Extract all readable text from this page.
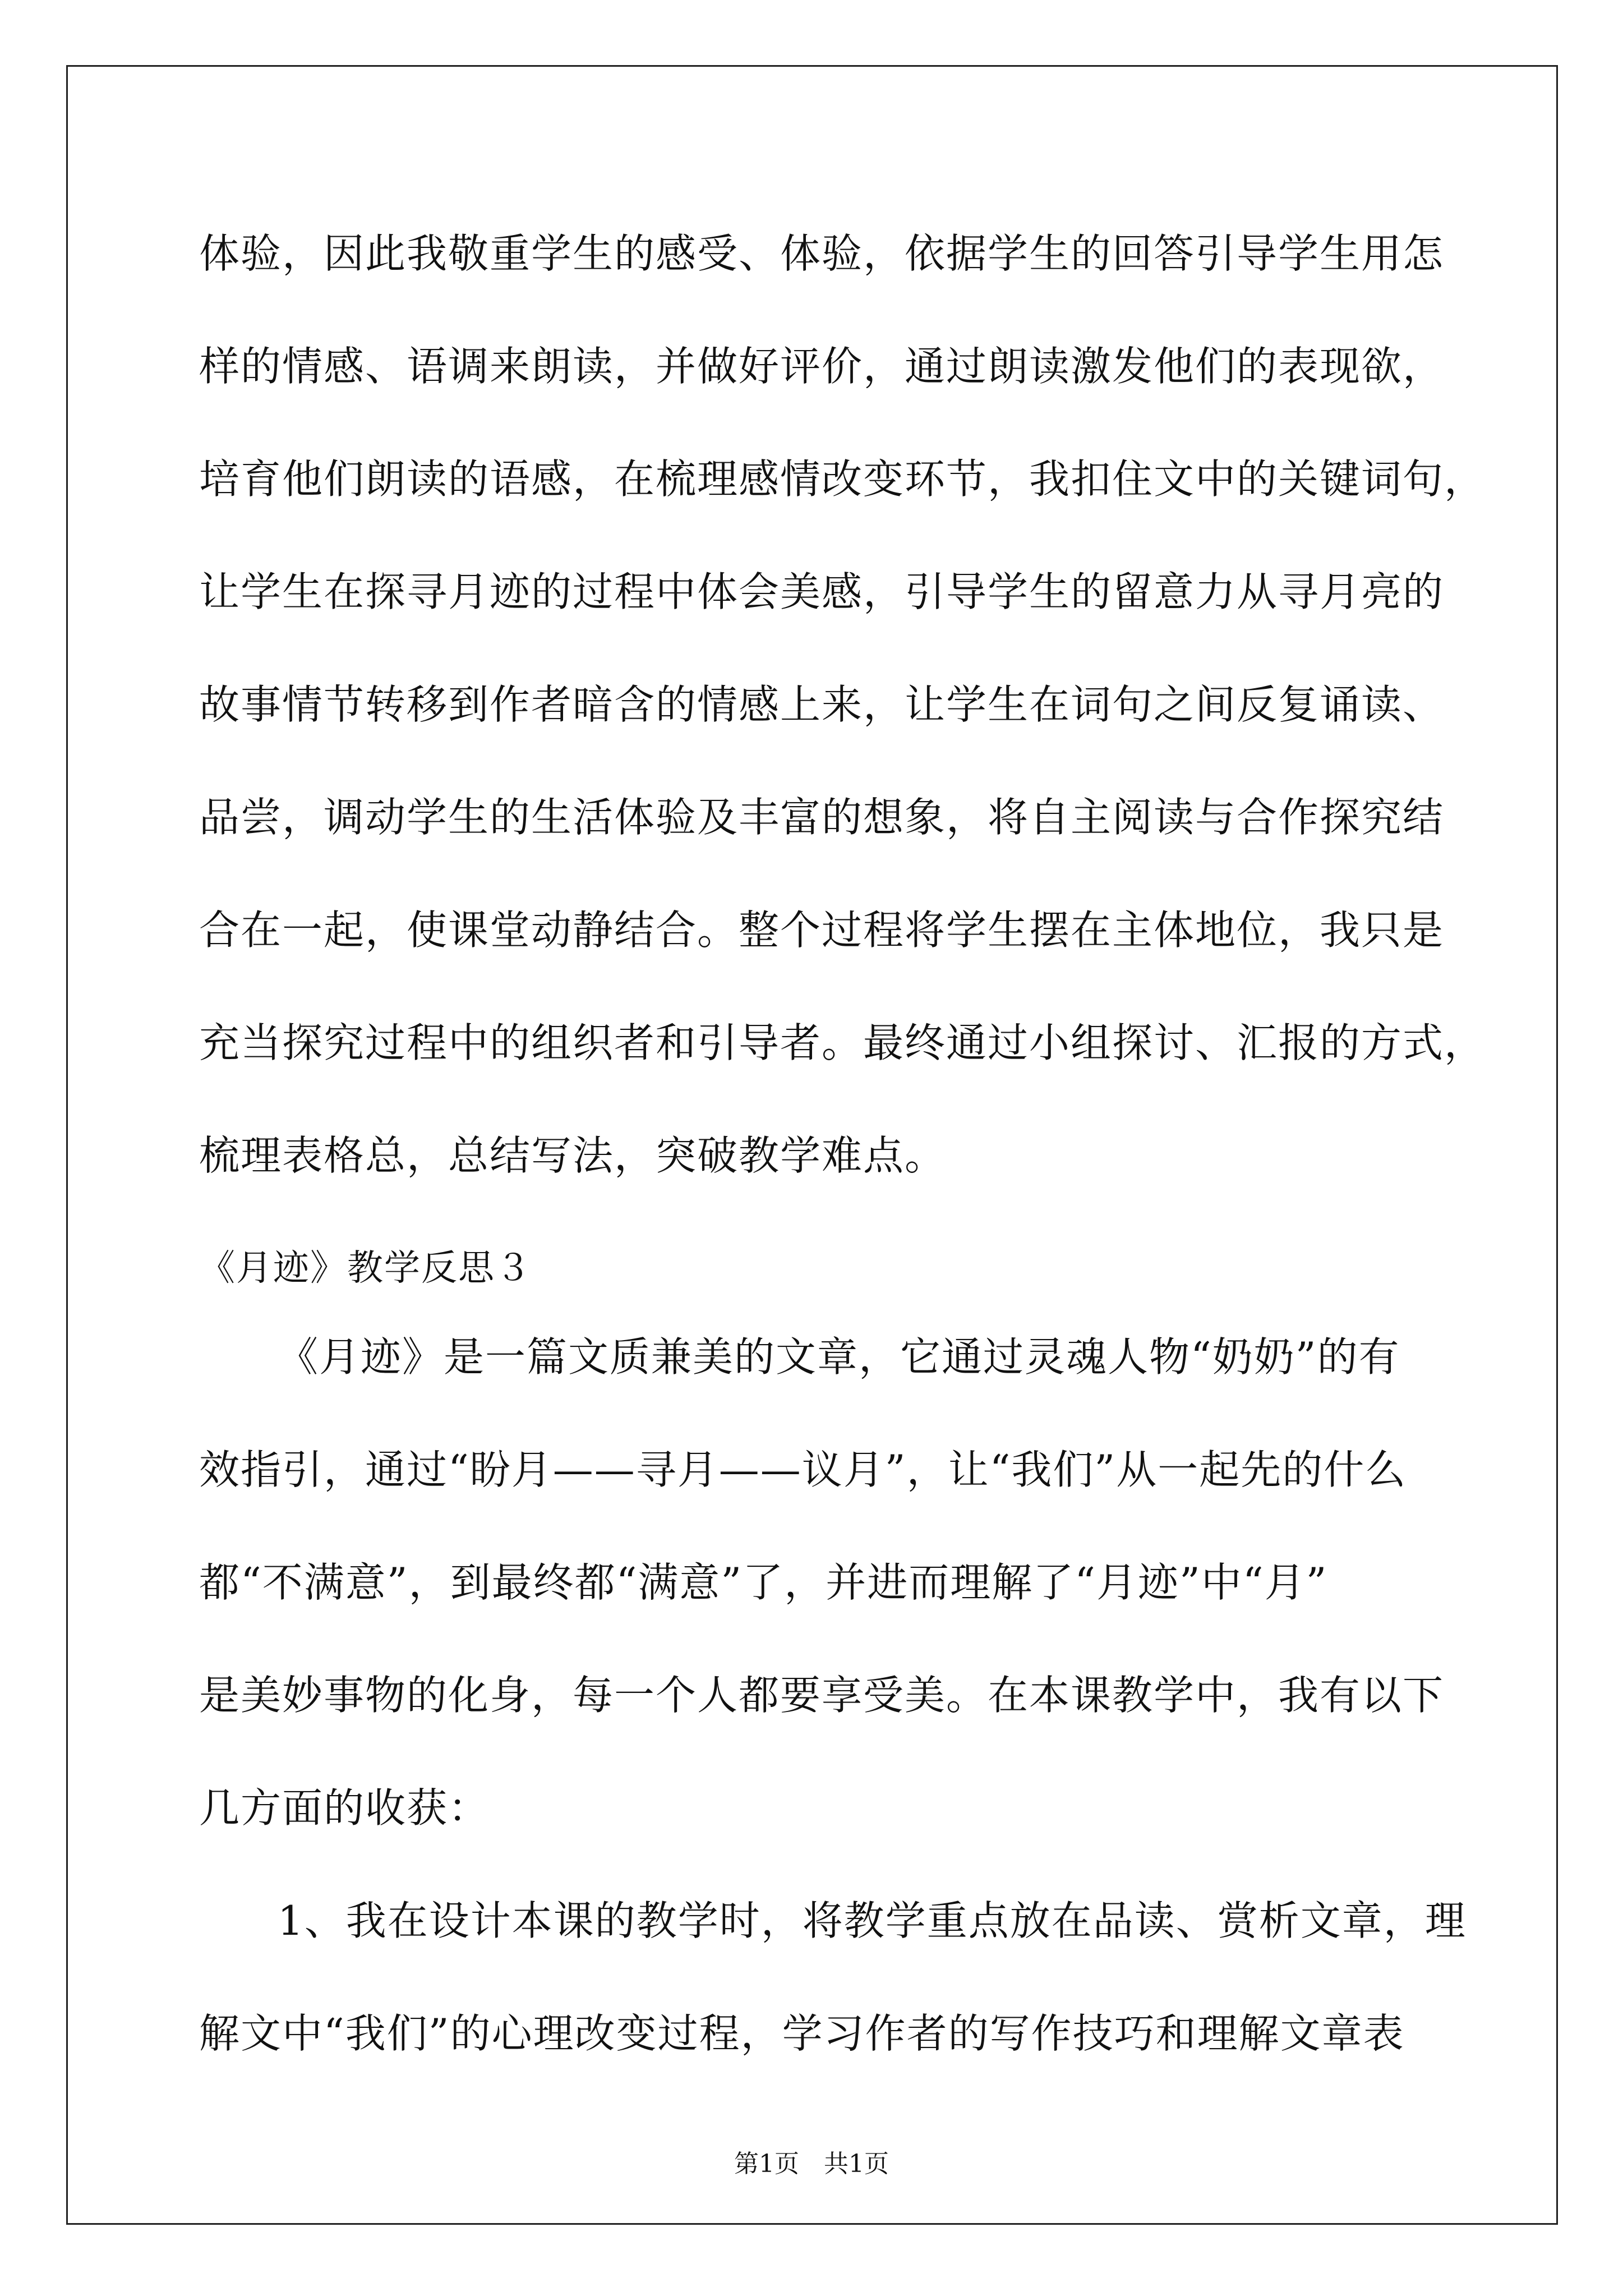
体验，因此我敬重学生的感受、体验，依据学生的回答引导学生用怎
样的情感、语调来朗读，并做好评价，通过朗读激发他们的表现欲，
培育他们朗读的语感，在梳理感情改变环节，我扣住文中的关键词句，
让学生在探寻月迹的过程中体会美感，引导学生的留意力从寻月亮的
故事情节转移到作者暗含的情感上来，让学生在词句之间反复诵读、
品尝，调动学生的生活体验及丰富的想象，将自主阅读与合作探究结
合在一起，使课堂动静结合。整个过程将学生摆在主体地位，我只是
充当探究过程中的组织者和引导者。最终通过小组探讨、汇报的方式，
梳理表格总，总结写法，突破教学难点。
《月迹》教学反思３
《月迹》是一篇文质兼美的文章，它通过灵魂人物“奶奶”的有
效指引，通过“盼月——寻月——议月”，让“我们”从一起先的什么
都“不满意”，到最终都“满意”了，并进而理解了“月迹”中“月”
是美妙事物的化身，每一个人都要享受美。在本课教学中，我有以下
几方面的收获：
1、我在设计本课的教学时，将教学重点放在品读、赏析文章，理
解文中“我们”的心理改变过程，学习作者的写作技巧和理解文章表
第1页　共1页
